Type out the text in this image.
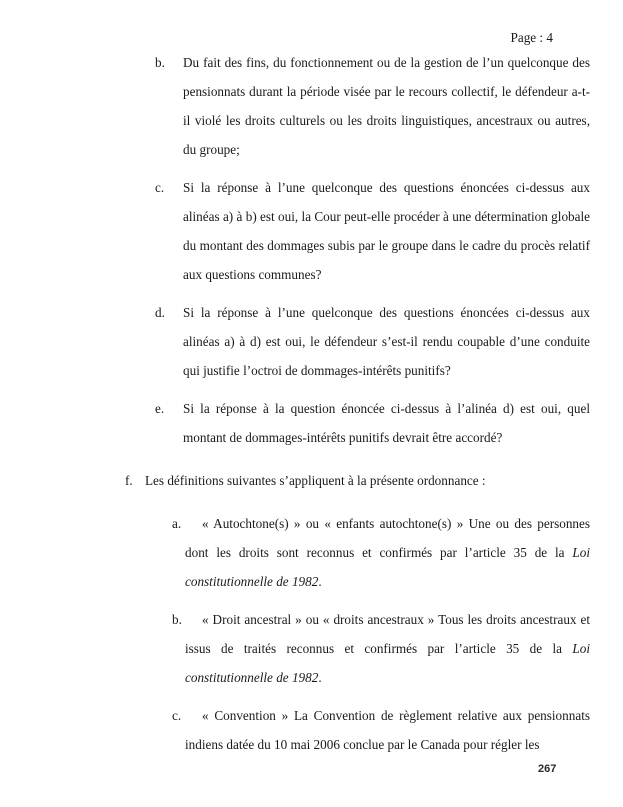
Page : 4

b. Du fait des fins, du fonctionnement ou de la gestion de l’un quelconque des pensionnats durant la période visée par le recours collectif, le défendeur a-t-il violé les droits culturels ou les droits linguistiques, ancestraux ou autres, du groupe;

c. Si la réponse à l’une quelconque des questions énoncées ci-dessus aux alinéas a) à b) est oui, la Cour peut-elle procéder à une détermination globale du montant des dommages subis par le groupe dans le cadre du procès relatif aux questions communes?

d. Si la réponse à l’une quelconque des questions énoncées ci-dessus aux alinéas a) à d) est oui, le défendeur s’est-il rendu coupable d’une conduite qui justifie l’octroi de dommages-intérêts punitifs?

e. Si la réponse à la question énoncée ci-dessus à l’alinéa d) est oui, quel montant de dommages-intérêts punitifs devrait être accordé?

f. Les définitions suivantes s’appliquent à la présente ordonnance :

a. « Autochtone(s) » ou « enfants autochtone(s) » Une ou des personnes dont les droits sont reconnus et confirmés par l’article 35 de la Loi constitutionnelle de 1982.

b. « Droit ancestral » ou « droits ancestraux » Tous les droits ancestraux et issus de traités reconnus et confirmés par l’article 35 de la Loi constitutionnelle de 1982.

c. « Convention » La Convention de règlement relative aux pensionnats indiens datée du 10 mai 2006 conclue par le Canada pour régler les

267
